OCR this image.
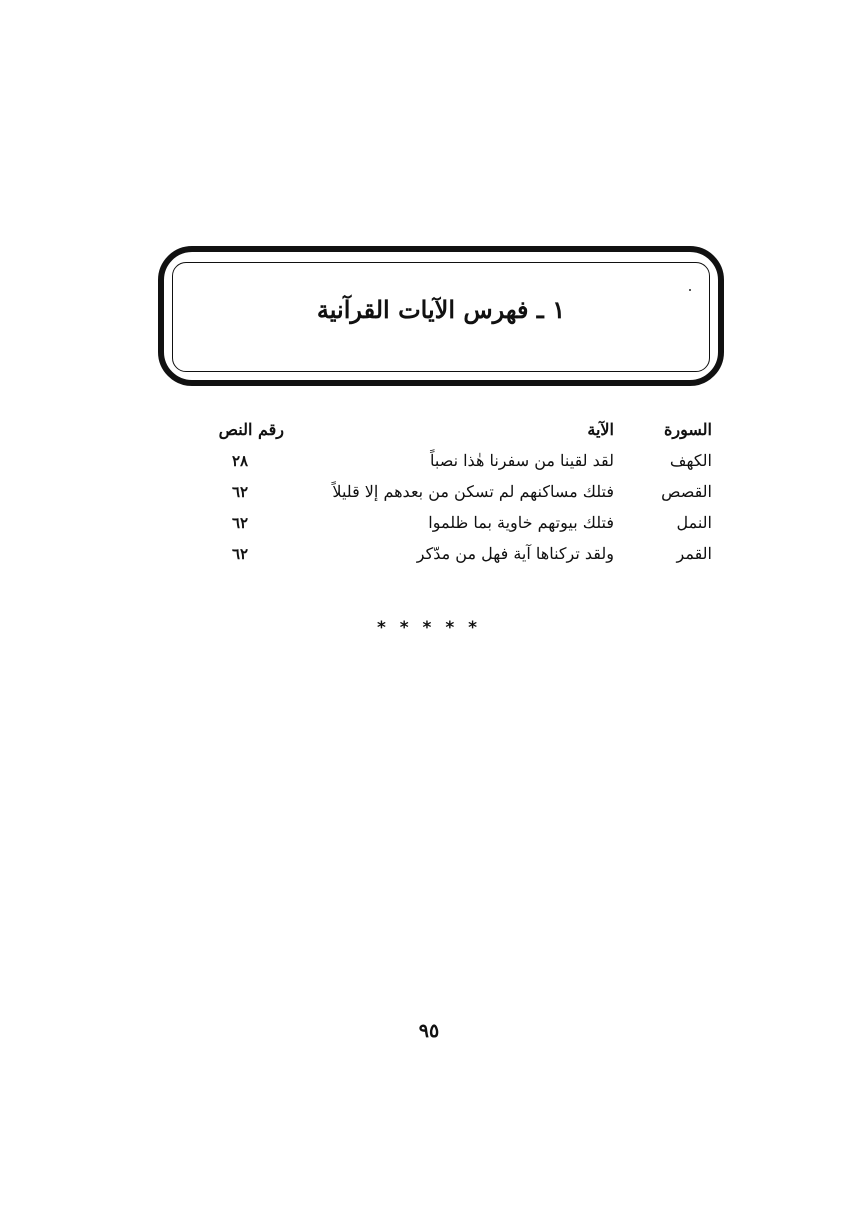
١ ـ فهرس الآيات القرآنية
السورة	الآية	رقم النص
الكهف	لقد لقينا من سفرنا هٰذا نصباً	٢٨
القصص	فتلك مساكنهم لم تسكن من بعدهم إلا قليلاً	٦٢
النمل	فتلك بيوتهم خاوية بما ظلموا	٦٢
القمر	ولقد تركناها آية فهل من مدّكر	٦٢
* * * * *
٩٥
